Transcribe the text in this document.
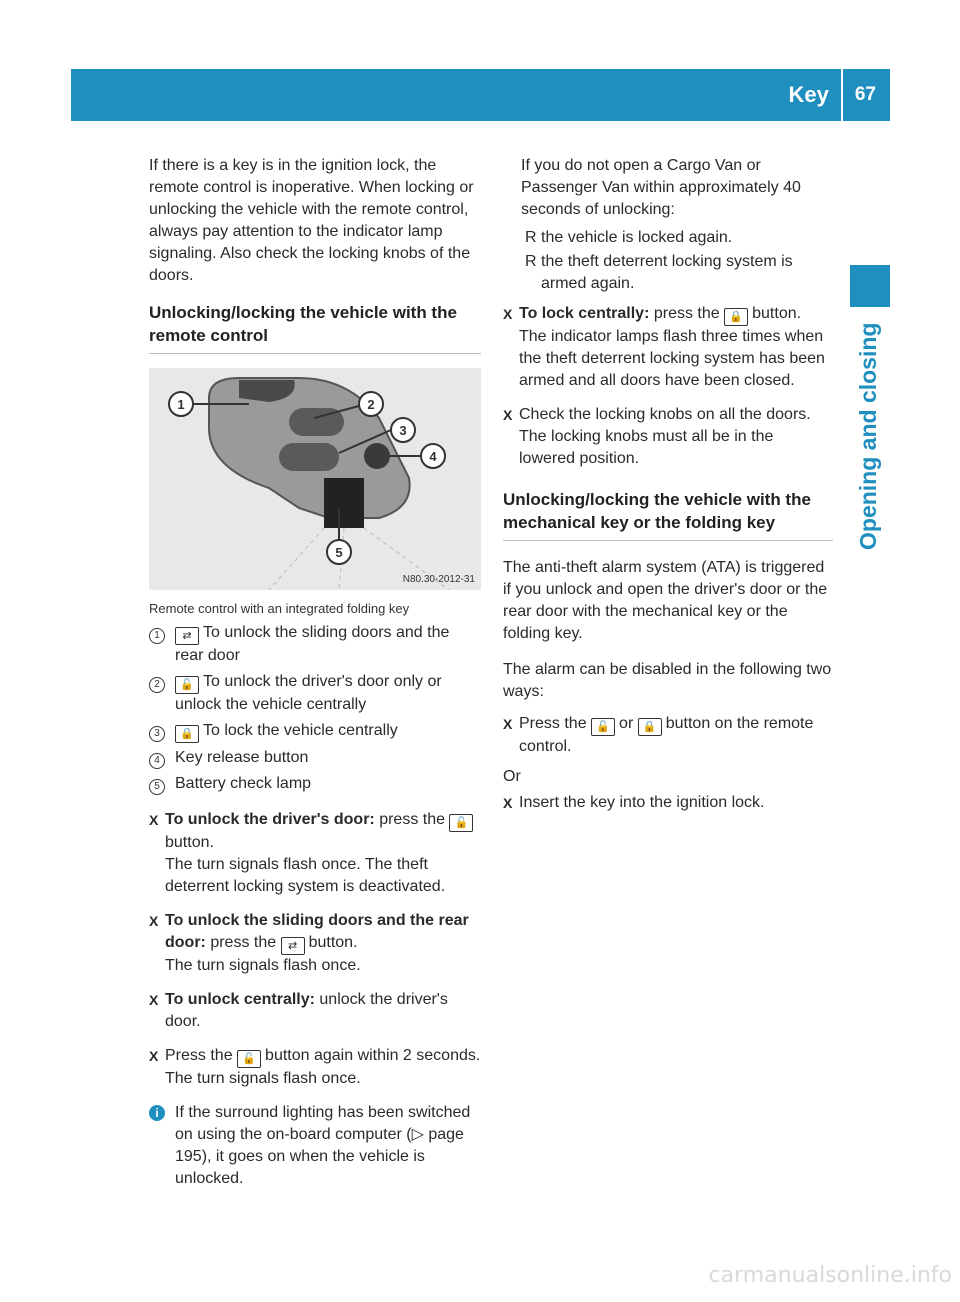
Key	67
Opening and closing

If there is a key is in the ignition lock, the remote control is inoperative. When locking or unlocking the vehicle with the remote control, always pay attention to the indicator lamp signaling. Also check the locking knobs of the doors.

Unlocking/locking the vehicle with the remote control
1	2
3
4
5
N80.30-2012-31
Remote control with an integrated folding key
1	⇄ To unlock the sliding doors and the rear door
2	🔓 To unlock the driver's door only or unlock the vehicle centrally
3	🔒 To lock the vehicle centrally
4 Key release button
5 Battery check lamp
X To unlock the driver's door: press the 🔓button.
The turn signals flash once. The theft deterrent locking system is deactivated.
X To unlock the sliding doors and the rear door: press the ⇄ button.
The turn signals flash once.
X To unlock centrally: unlock the driver's door.
X Press the 🔓 button again within 2 seconds.
The turn signals flash once.
i	If the surround lighting has been switched on using the on-board computer (▷ page 195), it goes on when the vehicle is unlocked.

If you do not open a Cargo Van or Passenger Van within approximately 40 seconds of unlocking:

R the vehicle is locked again.
R the theft deterrent locking system is armed again.
X To lock centrally: press the 🔒 button.
The indicator lamps flash three times when the theft deterrent locking system has been armed and all doors have been closed.
X Check the locking knobs on all the doors. The locking knobs must all be in the lowered position.
Unlocking/locking the vehicle with the mechanical key or the folding key

The anti-theft alarm system (ATA) is triggered if you unlock and open the driver's door or the rear door with the mechanical key or the folding key.

The alarm can be disabled in the following two ways:

X Press the 🔓 or 🔒 button on the remote control.

Or

X Insert the key into the ignition lock.
carmanualsonline.info
